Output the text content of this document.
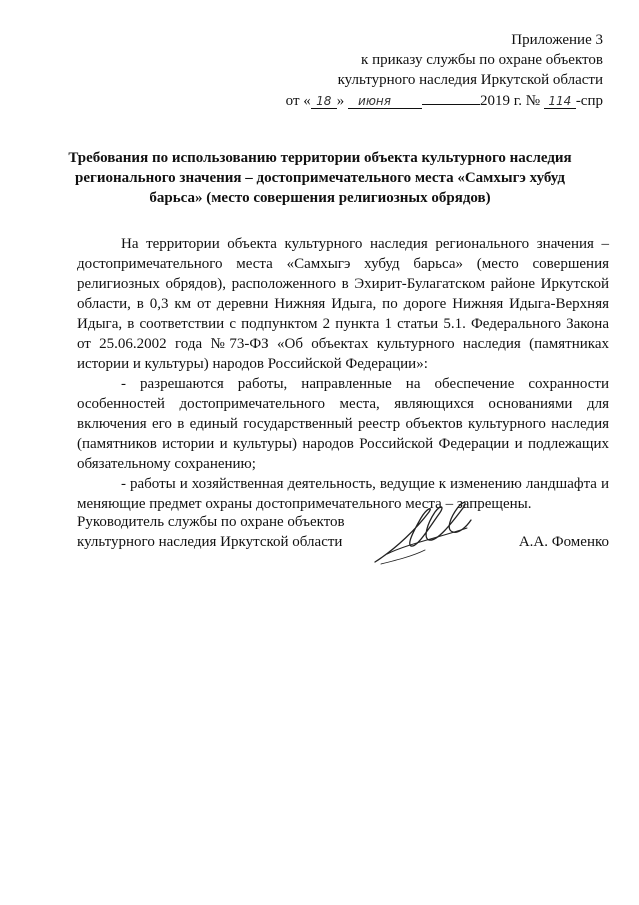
Приложение 3
к приказу службы по охране объектов
культурного наследия Иркутской области
от « 18 » июня	2019 г. № 114 -спр
Требования по использованию территории объекта культурного наследия регионального значения – достопримечательного места «Самхыгэ хубуд барьса» (место совершения религиозных обрядов)

На территории объекта культурного наследия регионального значения – достопримечательного места «Самхыгэ хубуд барьса» (место совершения религиозных обрядов), расположенного в Эхирит-Булагатском районе Иркутской области, в 0,3 км от деревни Нижняя Идыга, по дороге Нижняя Идыга-Верхняя Идыга, в соответствии с подпунктом 2 пункта 1 статьи 5.1. Федерального Закона от 25.06.2002 года №73-ФЗ «Об объектах культурного наследия (памятниках истории и культуры) народов Российской Федерации»:

- разрешаются работы, направленные на обеспечение сохранности особенностей достопримечательного места, являющихся основаниями для включения его в единый государственный реестр объектов культурного наследия (памятников истории и культуры) народов Российской Федерации и подлежащих обязательному сохранению;

- работы и хозяйственная деятельность, ведущие к изменению ландшафта и меняющие предмет охраны достопримечательного места – запрещены.

Руководитель службы по охране объектов
культурного наследия Иркутской области	А.А. Фоменко
